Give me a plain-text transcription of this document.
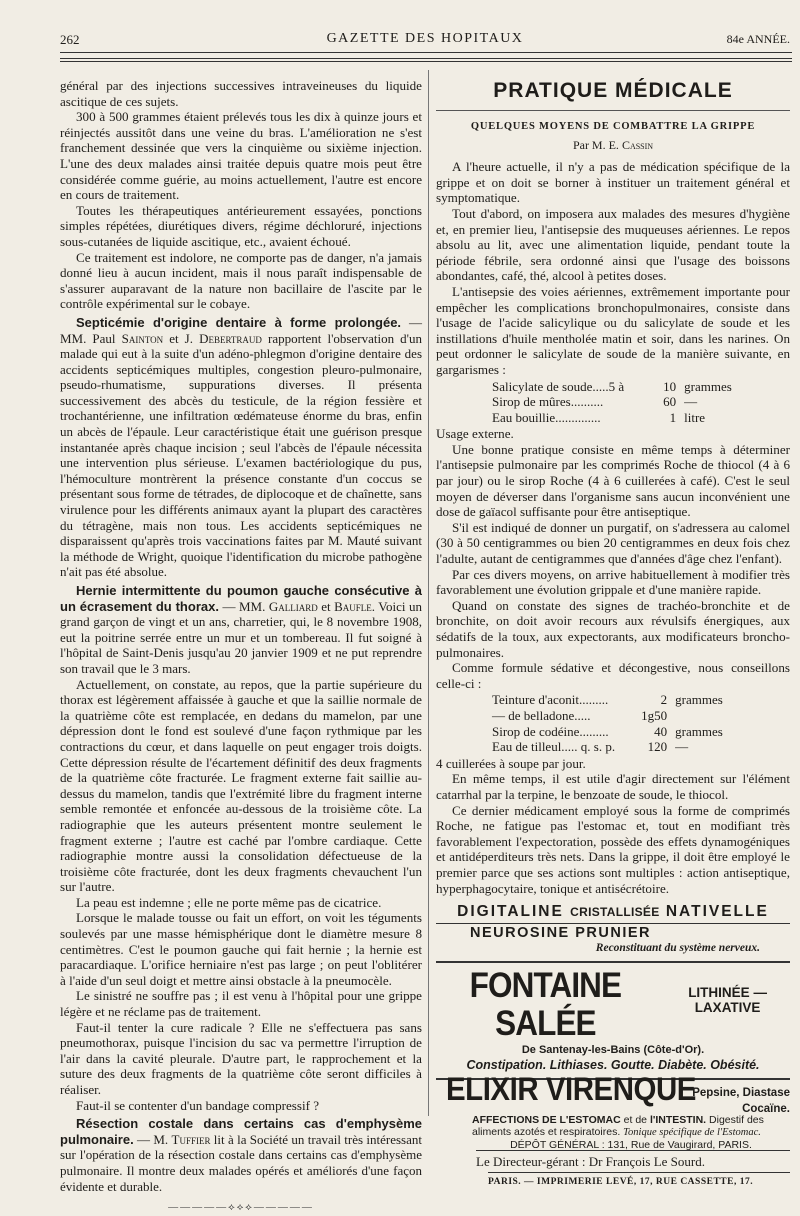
262	GAZETTE DES HOPITAUX	84e ANNÉE.

général par des injections successives intraveineuses du liquide ascitique de ces sujets.

300 à 500 grammes étaient prélevés tous les dix à quinze jours et réinjectés aussitôt dans une veine du bras. L'amélioration ne s'est franchement dessinée que vers la cinquième ou sixième injection. L'une des deux malades ainsi traitée depuis quatre mois peut être considérée comme guérie, au moins actuellement, l'autre est encore en cours de traitement.

Toutes les thérapeutiques antérieurement essayées, ponctions simples répétées, diurétiques divers, régime déchloruré, injections sous-cutanées de liquide ascitique, etc., avaient échoué.

Ce traitement est indolore, ne comporte pas de danger, n'a jamais donné lieu à aucun incident, mais il nous paraît indispensable de s'assurer auparavant de la nature non bacillaire de l'ascite par le contrôle expérimental sur le cobaye.

Septicémie d'origine dentaire à forme prolongée. — MM. Paul Sainton et J. Debertraud rapportent l'observation d'un malade qui eut à la suite d'un adéno-phlegmon d'origine dentaire des accidents septicémiques multiples, congestion pleuro-pulmonaire, pseudo-rhumatisme, suppurations diverses. Il présenta successivement des abcès du testicule, de la région fessière et trochantérienne, une infiltration œdémateuse énorme du bras, enfin un abcès de l'épaule. Leur caractéristique était une guérison presque instantanée après chaque incision ; seul l'abcès de l'épaule nécessita une intervention plus sérieuse. L'examen bactériologique du pus, l'hémoculture montrèrent la présence constante d'un coccus se présentant sous forme de tétrades, de diplocoque et de chaînette, sans virulence pour les différents animaux ayant la plupart des caractères du tétragène, mais non tous. Les accidents septicémiques ne disparaissent qu'après trois vaccinations faites par M. Mauté suivant la méthode de Wright, quoique l'identification du microbe pathogène n'ait pas été absolue.
Hernie intermittente du poumon gauche consécutive à un écrasement du thorax. — MM. Galliard et Baufle. Voici un grand garçon de vingt et un ans, charretier, qui, le 8 novembre 1908, eut la poitrine serrée entre un mur et un tombereau. Il fut soigné à l'hôpital de Saint-Denis jusqu'au 20 janvier 1909 et ne put reprendre son travail que le 3 mars.

Actuellement, on constate, au repos, que la partie supérieure du thorax est légèrement affaissée à gauche et que la saillie normale de la quatrième côte est remplacée, en dedans du mamelon, par une dépression dont le fond est soulevé d'une façon rythmique par les contractions du cœur, et dans laquelle on peut engager trois doigts. Cette dépression résulte de l'écartement définitif des deux fragments de la quatrième côte fracturée. Le fragment externe fait saillie au-dessus du mamelon, tandis que l'extrémité libre du fragment interne semble remontée et enfoncée au-dessous de la troisième côte. La radiographie que les auteurs présentent montre seulement le fragment externe ; l'autre est caché par l'ombre cardiaque. Cette radiographie montre aussi la consolidation défectueuse de la troisième côte fracturée, dont les deux fragments chevauchent l'un sur l'autre.

La peau est indemne ; elle ne porte même pas de cicatrice.

Lorsque le malade tousse ou fait un effort, on voit les téguments soulevés par une masse hémisphérique dont le diamètre mesure 8 centimètres. C'est le poumon gauche qui fait hernie ; la hernie est paracardiaque. L'orifice herniaire n'est pas large ; on peut l'oblitérer à l'aide d'un seul doigt et mettre ainsi obstacle à la pneumocèle.

Le sinistré ne souffre pas ; il est venu à l'hôpital pour une grippe légère et ne réclame pas de traitement.

Faut-il tenter la cure radicale ? Elle ne s'effectuera pas sans pneumothorax, puisque l'incision du sac va permettre l'irruption de l'air dans la cavité pleurale. D'autre part, le rapprochement et la suture des deux fragments de la quatrième côte seront difficiles à réaliser.

Faut-il se contenter d'un bandage compressif ?

Résection costale dans certains cas d'emphysème pulmonaire. — M. Tuffier lit à la Société un travail très intéressant sur l'opération de la résection costale dans certains cas d'emphysème pulmonaire. Il montre deux malades opérés et améliorés d'une façon évidente et durable.
—————⟡⟡⟡—————
PRATIQUE MÉDICALE
QUELQUES MOYENS DE COMBATTRE LA GRIPPE
Par M. E. Cassin

A l'heure actuelle, il n'y a pas de médication spécifique de la grippe et on doit se borner à instituer un traitement général et symptomatique.

Tout d'abord, on imposera aux malades des mesures d'hygiène et, en premier lieu, l'antisepsie des muqueuses aériennes. Le repos absolu au lit, avec une alimentation liquide, pendant toute la période fébrile, sera ordonné ainsi que l'usage des boissons abondantes, café, thé, alcool à petites doses.

L'antisepsie des voies aériennes, extrêmement importante pour empêcher les complications bronchopulmonaires, consiste dans l'usage de l'acide salicylique ou du salicylate de soude et les instillations d'huile mentholée matin et soir, dans les narines. On peut ordonner le salicylate de soude de la manière suivante, en gargarismes :

Salicylate de soude.....5 à	10	grammes
Sirop de mûres..........	60	—
Eau bouillie..............	1	litre

Usage externe.

Une bonne pratique consiste en même temps à déterminer l'antisepsie pulmonaire par les comprimés Roche de thiocol (4 à 6 par jour) ou le sirop Roche (4 à 6 cuillerées à café). C'est le seul moyen de déverser dans l'organisme sans aucun inconvénient une dose de gaïacol suffisante pour être antiseptique.

S'il est indiqué de donner un purgatif, on s'adressera au calomel (30 à 50 centigrammes ou bien 20 centigrammes en deux fois chez l'adulte, autant de centigrammes que d'années d'âge chez l'enfant).

Par ces divers moyens, on arrive habituellement à modifier très favorablement une évolution grippale et d'une manière rapide.

Quand on constate des signes de trachéo-bronchite et de bronchite, on doit avoir recours aux révulsifs énergiques, aux sédatifs de la toux, aux expectorants, aux modificateurs broncho-pulmonaires.

Comme formule sédative et décongestive, nous conseillons celle-ci :

Teinture d'aconit.........	2	grammes
— de belladone.....	1g50	
Sirop de codéine.........	40	grammes
Eau de tilleul..... q. s. p.	120	—

4 cuillerées à soupe par jour.

En même temps, il est utile d'agir directement sur l'élément catarrhal par la terpine, le benzoate de soude, le thiocol.

Ce dernier médicament employé sous la forme de comprimés Roche, ne fatigue pas l'estomac et, tout en modifiant très favorablement l'expectoration, possède des effets dynamogéniques et antidéperditeurs très nets. Dans la grippe, il doit être employé le premier parce que ses actions sont multiples : action antiseptique, hyperphagocytaire, tonique et antisécrétoire.

DIGITALINE CRISTALLISÉE NATIVELLE
NEUROSINE PRUNIER
Reconstituant du système nerveux.
FONTAINE SALÉE
LITHINÉE — LAXATIVE
De Santenay-les-Bains (Côte-d'Or).
Constipation. Lithiases. Goutte. Diabète. Obésité.
ELIXIR VIRENQUE
Pepsine, Diastase
Cocaïne.
AFFECTIONS DE L'ESTOMAC et de l'INTESTIN. Digestif des
aliments azotés et respiratoires. Tonique spécifique de l'Estomac.
DÉPÔT GÉNÉRAL : 131, Rue de Vaugirard, PARIS.
Le Directeur-gérant : Dr François Le Sourd.
PARIS. — IMPRIMERIE LEVÉ, 17, RUE CASSETTE, 17.
